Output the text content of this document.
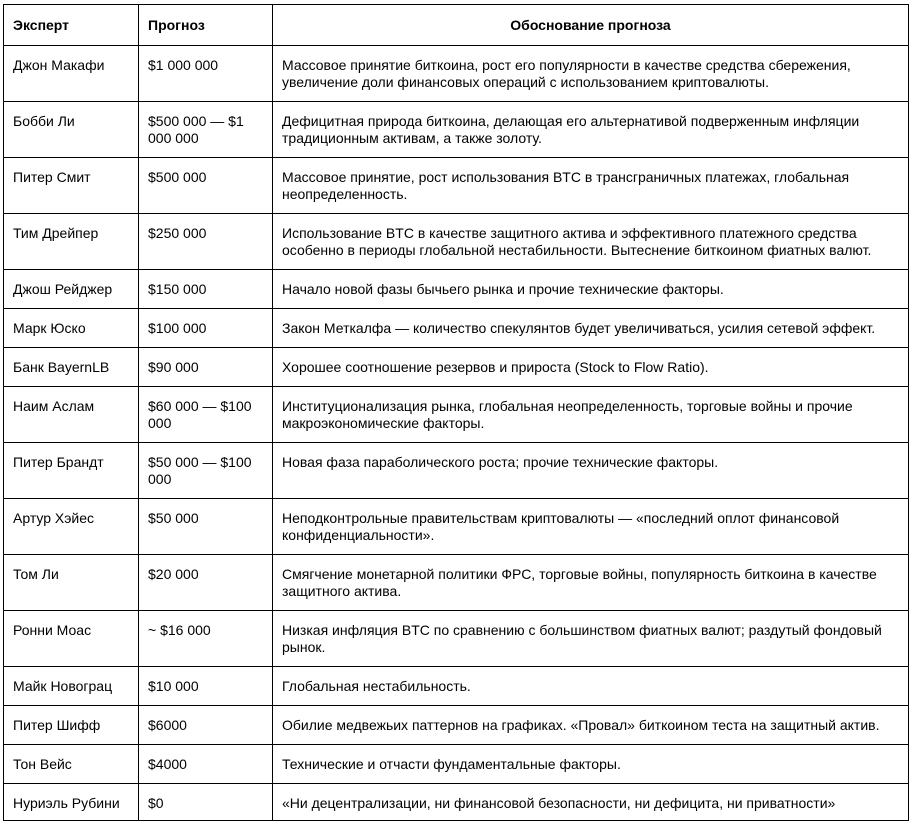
Эксперт	Прогноз	Обоснование прогноза
Джон Макафи	$1 000 000	Массовое принятие биткоина, рост его популярности в качестве средства сбережения, увеличение доли финансовых операций с использованием криптовалюты.
Бобби Ли	$500 000 — $1 000 000	Дефицитная природа биткоина, делающая его альтернативой подверженным инфляции традиционным активам, а также золоту.
Питер Смит	$500 000	Массовое принятие, рост использования BTC в трансграничных платежах, глобальная неопределенность.
Тим Дрейпер	$250 000	Использование BTC в качестве защитного актива и эффективного платежного средства особенно в периоды глобальной нестабильности. Вытеснение биткоином фиатных валют.
Джош Рейджер	$150 000	Начало новой фазы бычьего рынка и прочие технические факторы.
Марк Юско	$100 000	Закон Меткалфа — количество спекулянтов будет увеличиваться, усилия сетевой эффект.
Банк BayernLB	$90 000	Хорошее соотношение резервов и прироста (Stock to Flow Ratio).
Наим Аслам	$60 000 — $100 000	Институционализация рынка, глобальная неопределенность, торговые войны и прочие макроэкономические факторы.
Питер Брандт	$50 000 — $100 000	Новая фаза параболического роста; прочие технические факторы.
Артур Хэйес	$50 000	Неподконтрольные правительствам криптовалюты — «последний оплот финансовой конфиденциальности».
Том Ли	$20 000	Смягчение монетарной политики ФРС, торговые войны, популярность биткоина в качестве защитного актива.
Ронни Моас	~ $16 000	Низкая инфляция BTC по сравнению с большинством фиатных валют; раздутый фондовый рынок.
Майк Новограц	$10 000	Глобальная нестабильность.
Питер Шифф	$6000	Обилие медвежьих паттернов на графиках. «Провал» биткоином теста на защитный актив.
Тон Вейс	$4000	Технические и отчасти фундаментальные факторы.
Нуриэль Рубини	$0	«Ни децентрализации, ни финансовой безопасности, ни дефицита, ни приватности»
